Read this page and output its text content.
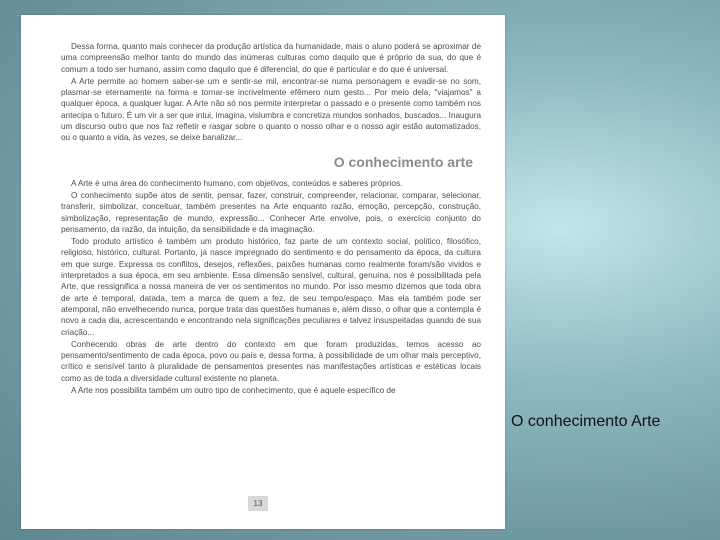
Dessa forma, quanto mais conhecer da produção artística da humanidade, mais o aluno poderá se aproximar de uma compreensão melhor tanto do mundo das inúmeras culturas como daquilo que é próprio da sua, do que é comum a todo ser humano, assim como daquilo que é diferencial, do que é particular e do que é universal.

A Arte permite ao homem saber-se um e sentir-se mil, encontrar-se numa personagem e evadir-se no som, plasmar-se eternamente na forma e tornar-se incrivelmente efêmero num gesto... Por meio dela, "viajamos" a qualquer época, a qualquer lugar. A Arte não só nos permite interpretar o passado e o presente como também nos antecipa o futuro. É um vir a ser que intui, imagina, vislumbra e concretiza mundos sonhados, buscados... Inaugura um discurso outro que nos faz refletir e rasgar sobre o quanto o nosso olhar e o nosso agir estão automatizados, ou o quanto a vida, às vezes, se deixe banalizar...

O conhecimento arte

A Arte é uma área do conhecimento humano, com objetivos, conteúdos e saberes próprios.

O conhecimento supõe atos de sentir, pensar, fazer, construir, compreender, relacionar, comparar, selecionar, transferir, simbolizar, conceituar, também presentes na Arte enquanto razão, emoção, percepção, construção, simbolização, representação de mundo, expressão... Conhecer Arte envolve, pois, o exercício conjunto do pensamento, da razão, da intuição, da sensibilidade e da imaginação.

Todo produto artístico é também um produto histórico, faz parte de um contexto social, político, filosófico, religioso, histórico, cultural. Portanto, já nasce impregnado do sentimento e do pensamento da época, da cultura em que surge. Expressa os conflitos, desejos, reflexões, paixões humanas como realmente foram/são vividos e interpretados a sua época, em seu ambiente. Essa dimensão sensível, cultural, genuína, nos é possibilitada pela Arte, que ressignifica a nossa maneira de ver os sentimentos no mundo. Por isso mesmo dizemos que toda obra de arte é temporal, datada, tem a marca de quem a fez, de seu tempo/espaço. Mas ela também pode ser atemporal, não envelhecendo nunca, porque trata das questões humanas e, além disso, o olhar que a contempla é novo a cada dia, acrescentando e encontrando nela significações peculiares e talvez insuspeitadas quando de sua criação...

Conhecendo obras de arte dentro do contexto em que foram produzidas, temos acesso ao pensamento/sentimento de cada época, povo ou país e, dessa forma, à possibilidade de um olhar mais perceptivo, crítico e sensível tanto à pluralidade de pensamentos presentes nas manifestações artísticas e estéticas locais como as de toda a diversidade cultural existente no planeta.

A Arte nos possibilita também um outro tipo de conhecimento, que é aquele específico de

13
O conhecimento Arte
